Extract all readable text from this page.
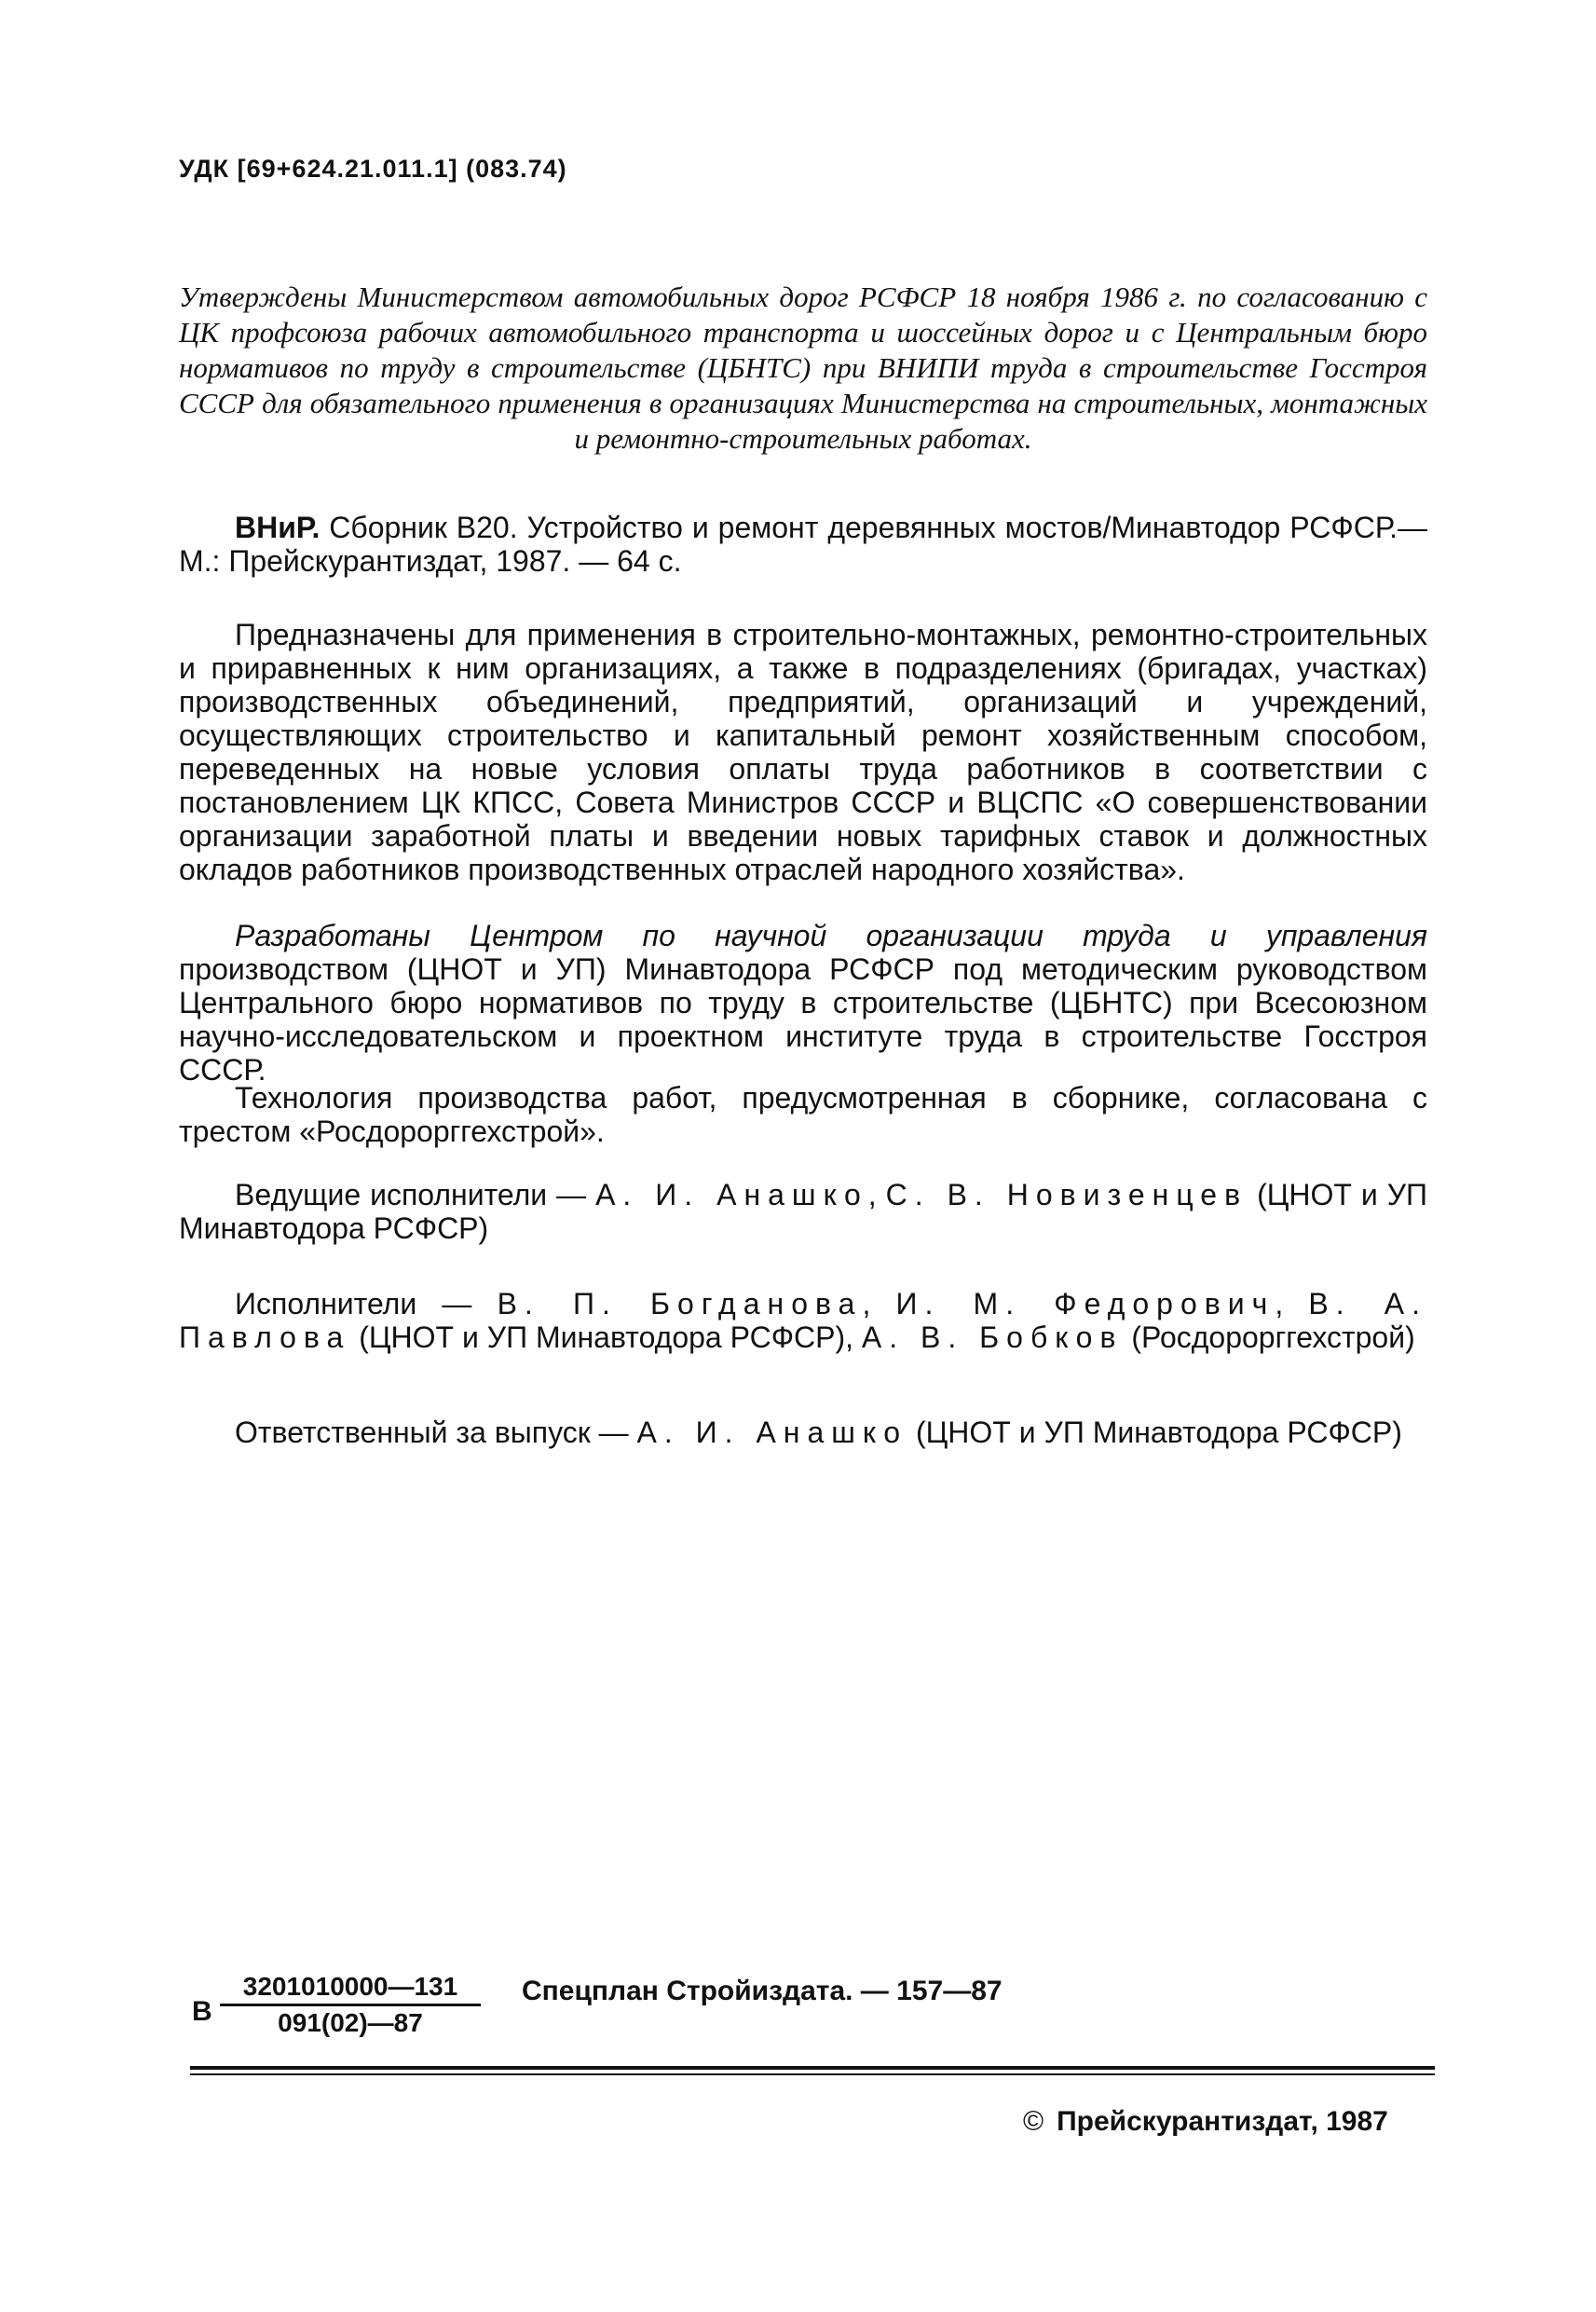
УДК [69+624.21.011.1] (083.74)
Утверждены Министерством автомобильных дорог РСФСР 18 ноября 1986 г. по согласованию с ЦК профсоюза рабочих автомобильного транспорта и шоссейных дорог и с Центральным бюро нормативов по труду в строительстве (ЦБНТС) при ВНИПИ труда в строительстве Госстроя СССР для обязательного применения в организациях Министерства на строительных, монтажных и ремонтно-строительных работах.
ВНиР. Сборник В20. Устройство и ремонт деревянных мостов/Минавтодор РСФСР.—М.: Прейскурантиздат, 1987. — 64 с.
Предназначены для применения в строительно-монтажных, ремонтно-строительных и приравненных к ним организациях, а также в подразделениях (бригадах, участках) производственных объединений, предприятий, организаций и учреждений, осуществляющих строительство и капитальный ремонт хозяйственным способом, переведенных на новые условия оплаты труда работников в соответствии с постановлением ЦК КПСС, Совета Министров СССР и ВЦСПС «О совершенствовании организации заработной платы и введении новых тарифных ставок и должностных окладов работников производственных отраслей народного хозяйства».
Разработаны Центром по научной организации труда и управления производством (ЦНОТ и УП) Минавтодора РСФСР под методическим руководством Центрального бюро нормативов по труду в строительстве (ЦБНТС) при Всесоюзном научно-исследовательском и проектном институте труда в строительстве Госстроя СССР.
Технология производства работ, предусмотренная в сборнике, согласована с трестом «Росдорорггехстрой».
Ведущие исполнители — А. И. Анашко, С. В. Новизенцев (ЦНОТ и УП Минавтодора РСФСР)
Исполнители — В. П. Богданова, И. М. Федорович, В. А. Павлова (ЦНОТ и УП Минавтодора РСФСР), А. В. Бобков (Росдорорггехстрой)
Ответственный за выпуск — А. И. Анашко (ЦНОТ и УП Минавтодора РСФСР)
В $\frac{3201010000—131}{091(02)—87}$ Спецплан Стройиздата. — 157—87
© Прейскурантиздат, 1987
